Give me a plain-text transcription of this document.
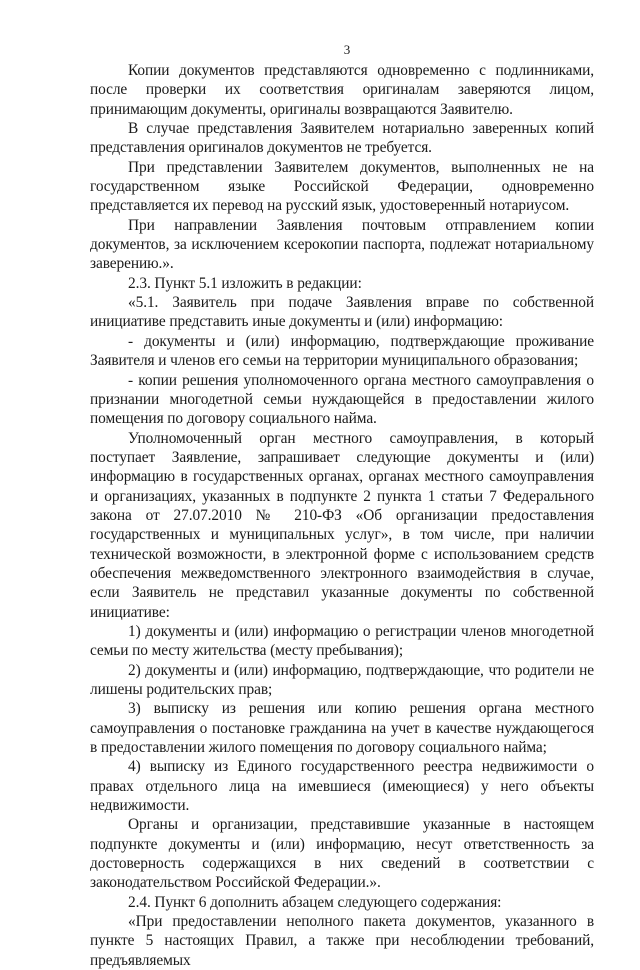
3

Копии документов представляются одновременно с подлинниками, после проверки их соответствия оригиналам заверяются лицом, принимающим документы, оригиналы возвращаются Заявителю.

В случае представления Заявителем нотариально заверенных копий представления оригиналов документов не требуется.

При представлении Заявителем документов, выполненных не на государственном языке Российской Федерации, одновременно представляется их перевод на русский язык, удостоверенный нотариусом.

При направлении Заявления почтовым отправлением копии документов, за исключением ксерокопии паспорта, подлежат нотариальному заверению.».

2.3. Пункт 5.1 изложить в редакции:

«5.1. Заявитель при подаче Заявления вправе по собственной инициативе представить иные документы и (или) информацию:

- документы и (или) информацию, подтверждающие проживание Заявителя и членов его семьи на территории муниципального образования;

- копии решения уполномоченного органа местного самоуправления о признании многодетной семьи нуждающейся в предоставлении жилого помещения по договору социального найма.

Уполномоченный орган местного самоуправления, в который поступает Заявление, запрашивает следующие документы и (или) информацию в государственных органах, органах местного самоуправления и организациях, указанных в подпункте 2 пункта 1 статьи 7 Федерального закона от 27.07.2010 № 210-ФЗ «Об организации предоставления государственных и муниципальных услуг», в том числе, при наличии технической возможности, в электронной форме с использованием средств обеспечения межведомственного электронного взаимодействия в случае, если Заявитель не представил указанные документы по собственной инициативе:

1) документы и (или) информацию о регистрации членов многодетной семьи по месту жительства (месту пребывания);

2) документы и (или) информацию, подтверждающие, что родители не лишены родительских прав;

3) выписку из решения или копию решения органа местного самоуправления о постановке гражданина на учет в качестве нуждающегося в предоставлении жилого помещения по договору социального найма;

4) выписку из Единого государственного реестра недвижимости о правах отдельного лица на имевшиеся (имеющиеся) у него объекты недвижимости.

Органы и организации, представившие указанные в настоящем подпункте документы и (или) информацию, несут ответственность за достоверность содержащихся в них сведений в соответствии с законодательством Российской Федерации.».

2.4. Пункт 6 дополнить абзацем следующего содержания:

«При предоставлении неполного пакета документов, указанного в пункте 5 настоящих Правил, а также при несоблюдении требований, предъявляемых
